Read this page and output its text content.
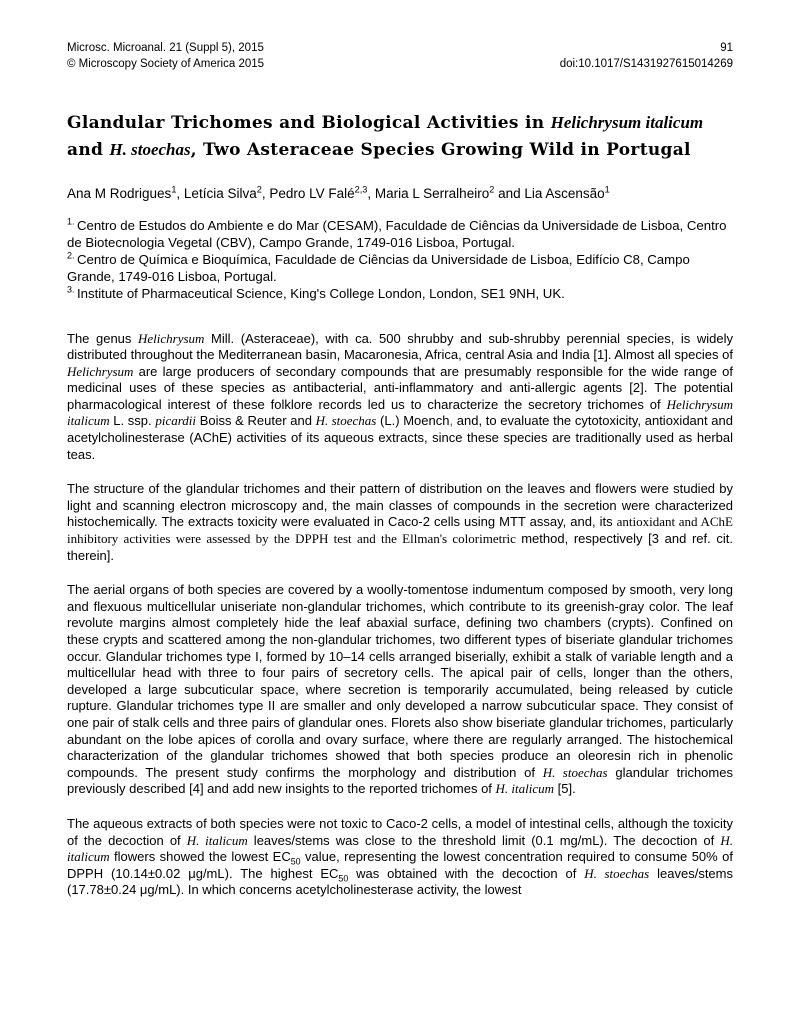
Microsc. Microanal. 21 (Suppl 5), 2015
© Microscopy Society of America 2015
91
doi:10.1017/S1431927615014269
Glandular Trichomes and Biological Activities in Helichrysum italicum and H. stoechas, Two Asteraceae Species Growing Wild in Portugal
Ana M Rodrigues$^1$, Letícia Silva$^2$, Pedro LV Falé$^{2,3}$, Maria L Serralheiro$^2$ and Lia Ascensão$^1$

$^{1.}$ Centro de Estudos do Ambiente e do Mar (CESAM), Faculdade de Ciências da Universidade de Lisboa, Centro de Biotecnologia Vegetal (CBV), Campo Grande, 1749-016 Lisboa, Portugal.

$^{2.}$ Centro de Química e Bioquímica, Faculdade de Ciências da Universidade de Lisboa, Edifício C8, Campo Grande, 1749-016 Lisboa, Portugal.

$^{3.}$ Institute of Pharmaceutical Science, King's College London, London, SE1 9NH, UK.

The genus Helichrysum Mill. (Asteraceae), with ca. 500 shrubby and sub-shrubby perennial species, is widely distributed throughout the Mediterranean basin, Macaronesia, Africa, central Asia and India [1]. Almost all species of Helichrysum are large producers of secondary compounds that are presumably responsible for the wide range of medicinal uses of these species as antibacterial, anti-inflammatory and anti-allergic agents [2]. The potential pharmacological interest of these folklore records led us to characterize the secretory trichomes of Helichrysum italicum L. ssp. picardii Boiss & Reuter and H. stoechas (L.) Moench, and, to evaluate the cytotoxicity, antioxidant and acetylcholinesterase (AChE) activities of its aqueous extracts, since these species are traditionally used as herbal teas.

The structure of the glandular trichomes and their pattern of distribution on the leaves and flowers were studied by light and scanning electron microscopy and, the main classes of compounds in the secretion were characterized histochemically. The extracts toxicity were evaluated in Caco-2 cells using MTT assay, and, its antioxidant and AChE inhibitory activities were assessed by the DPPH test and the Ellman's colorimetric method, respectively [3 and ref. cit. therein].

The aerial organs of both species are covered by a woolly-tomentose indumentum composed by smooth, very long and flexuous multicellular uniseriate non-glandular trichomes, which contribute to its greenish-gray color. The leaf revolute margins almost completely hide the leaf abaxial surface, defining two chambers (crypts). Confined on these crypts and scattered among the non-glandular trichomes, two different types of biseriate glandular trichomes occur. Glandular trichomes type I, formed by 10–14 cells arranged biserially, exhibit a stalk of variable length and a multicellular head with three to four pairs of secretory cells. The apical pair of cells, longer than the others, developed a large subcuticular space, where secretion is temporarily accumulated, being released by cuticle rupture. Glandular trichomes type II are smaller and only developed a narrow subcuticular space. They consist of one pair of stalk cells and three pairs of glandular ones. Florets also show biseriate glandular trichomes, particularly abundant on the lobe apices of corolla and ovary surface, where there are regularly arranged. The histochemical characterization of the glandular trichomes showed that both species produce an oleoresin rich in phenolic compounds. The present study confirms the morphology and distribution of H. stoechas glandular trichomes previously described [4] and add new insights to the reported trichomes of H. italicum [5].

The aqueous extracts of both species were not toxic to Caco-2 cells, a model of intestinal cells, although the toxicity of the decoction of H. italicum leaves/stems was close to the threshold limit (0.1 mg/mL). The decoction of H. italicum flowers showed the lowest $EC_{50}$ value, representing the lowest concentration required to consume 50% of DPPH (10.14±0.02 μg/mL). The highest $EC_{50}$ was obtained with the decoction of H. stoechas leaves/stems (17.78±0.24 μg/mL). In which concerns acetylcholinesterase activity, the lowest
